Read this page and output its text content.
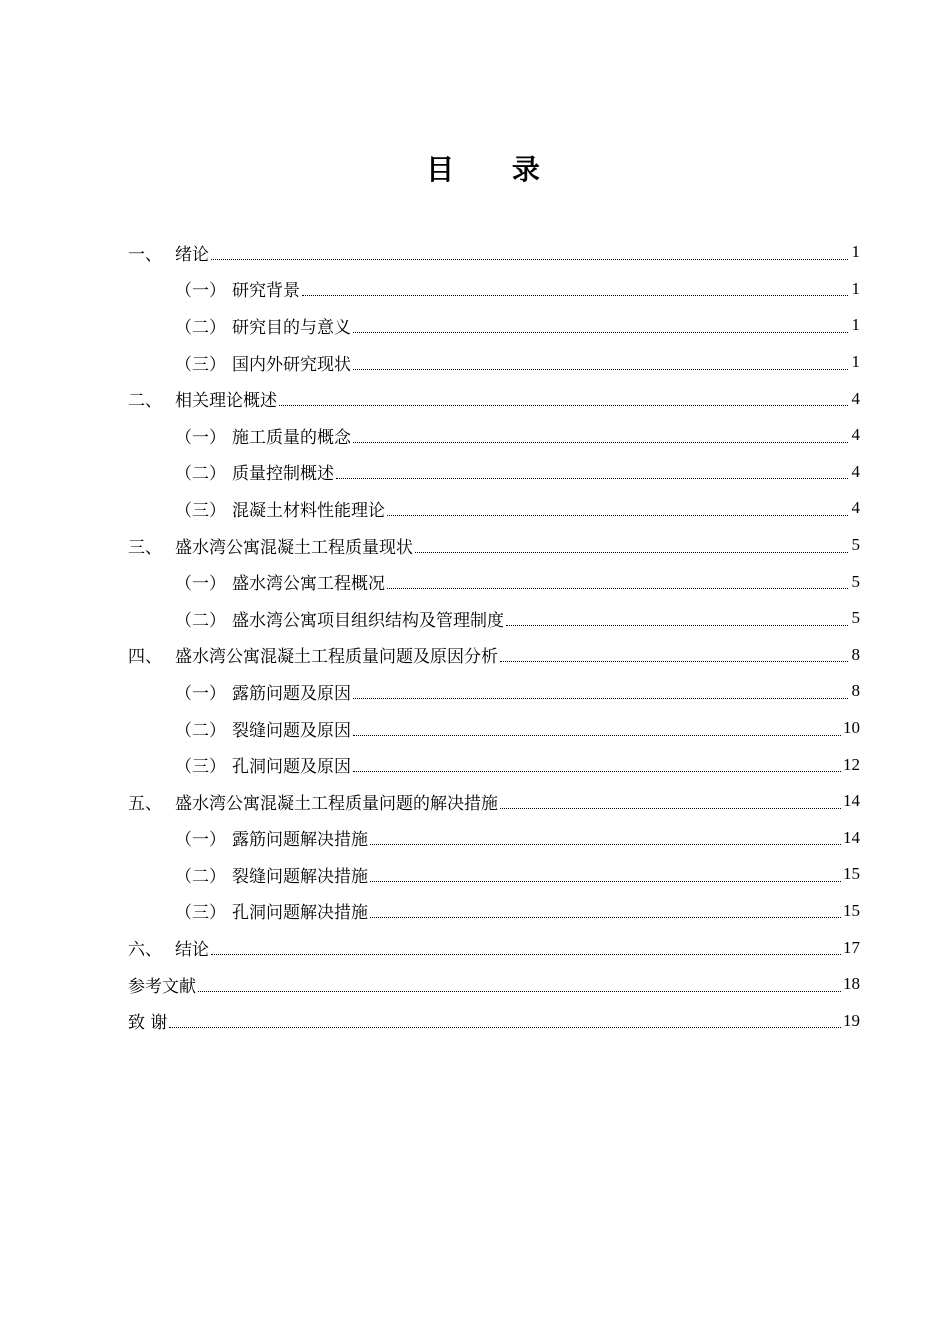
目 录
一、 绪论	1
（一） 研究背景	1
（二） 研究目的与意义	1
（三） 国内外研究现状	1
二、 相关理论概述	4
（一） 施工质量的概念	4
（二） 质量控制概述	4
（三） 混凝土材料性能理论	4
三、 盛水湾公寓混凝土工程质量现状	5
（一） 盛水湾公寓工程概况	5
（二） 盛水湾公寓项目组织结构及管理制度	5
四、 盛水湾公寓混凝土工程质量问题及原因分析	8
（一） 露筋问题及原因	8
（二） 裂缝问题及原因	10
（三） 孔洞问题及原因	12
五、 盛水湾公寓混凝土工程质量问题的解决措施	14
（一） 露筋问题解决措施	14
（二） 裂缝问题解决措施	15
（三） 孔洞问题解决措施	15
六、 结论	17
参考文献	18
致 谢	19
